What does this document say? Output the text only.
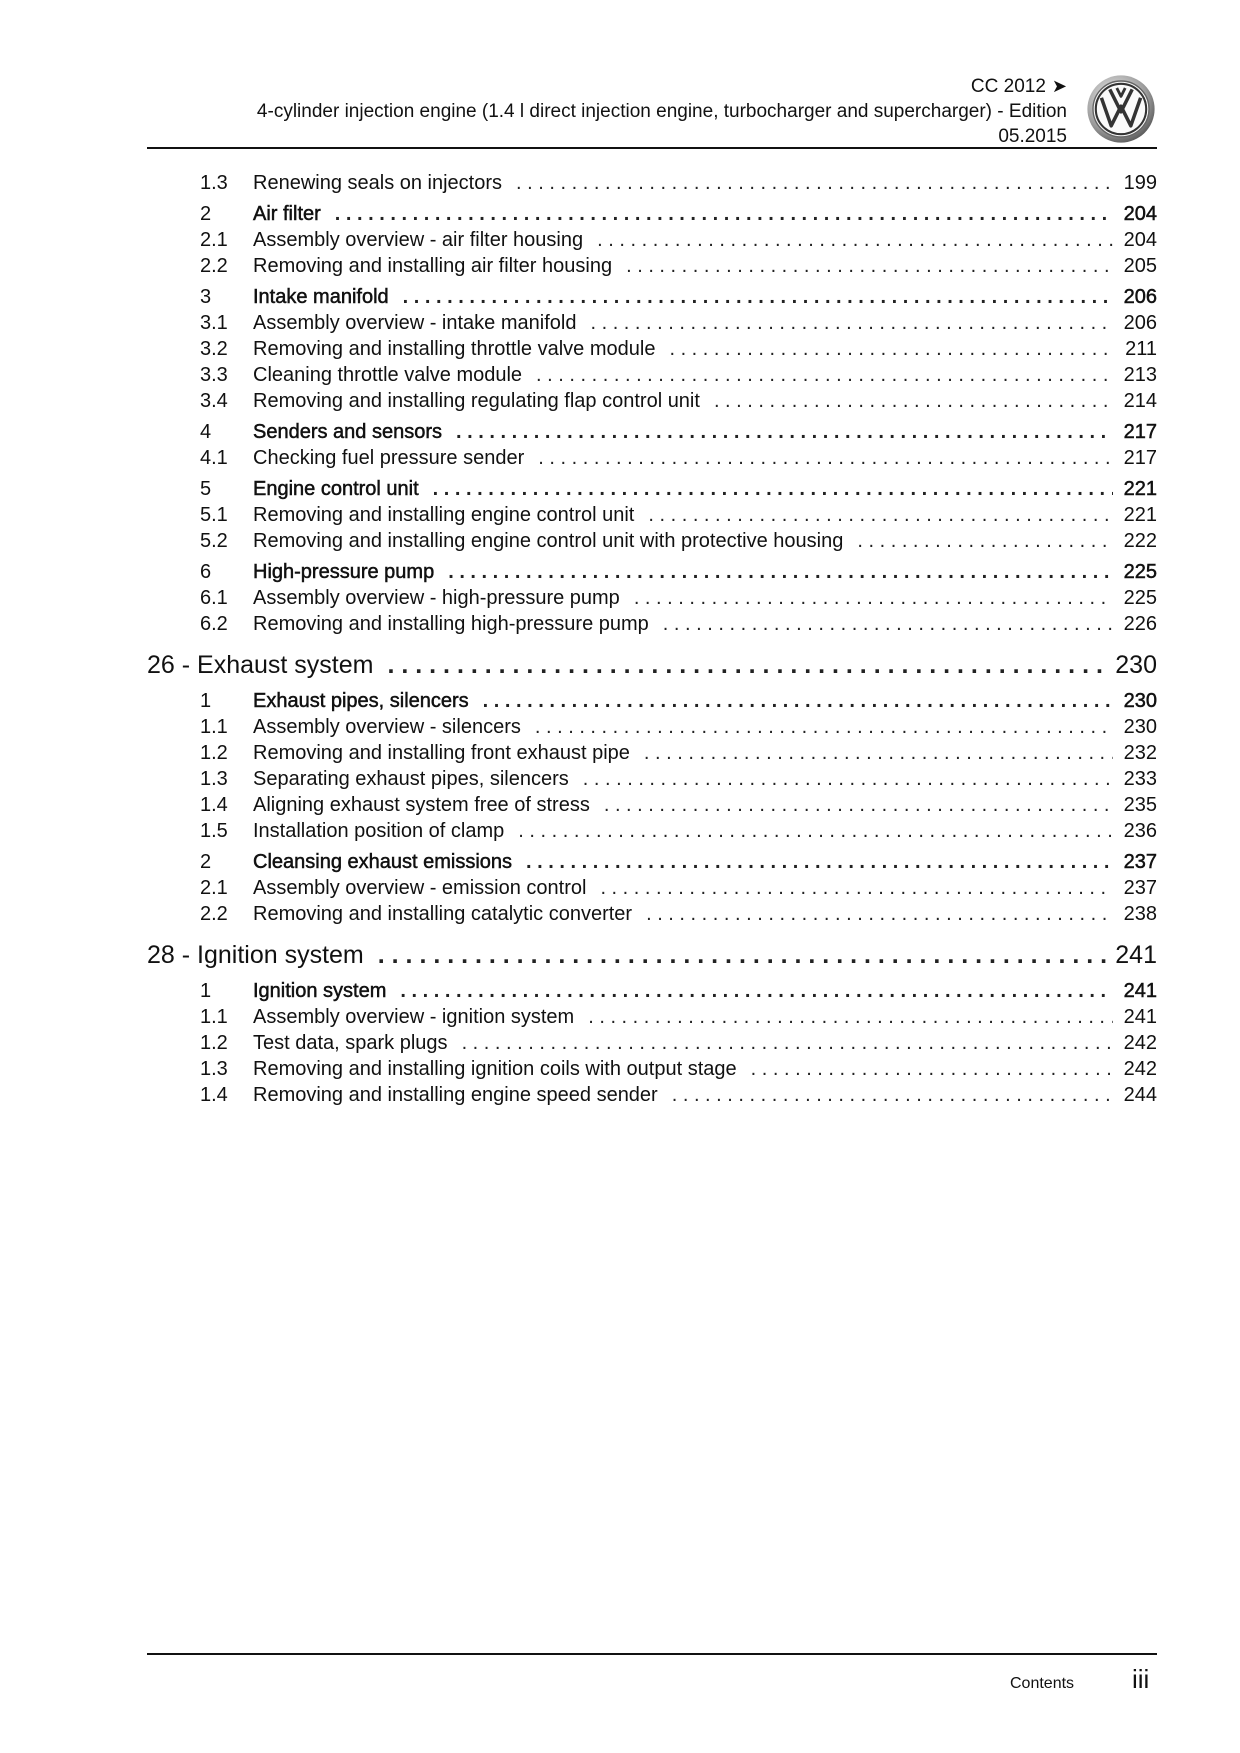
CC 2012 ➤
4-cylinder injection engine (1.4 l direct injection engine, turbocharger and supercharger) - Edition
05.2015
1.3	Renewing seals on injectors . . .	199
2	Air filter . . .	204
2.1	Assembly overview - air filter housing . . .	204
2.2	Removing and installing air filter housing . . .	205
3	Intake manifold . . .	206
3.1	Assembly overview - intake manifold . . .	206
3.2	Removing and installing throttle valve module . . .	211
3.3	Cleaning throttle valve module . . .	213
3.4	Removing and installing regulating flap control unit . . .	214
4	Senders and sensors . . .	217
4.1	Checking fuel pressure sender . . .	217
5	Engine control unit . . .	221
5.1	Removing and installing engine control unit . . .	221
5.2	Removing and installing engine control unit with protective housing . . .	222
6	High-pressure pump . . .	225
6.1	Assembly overview - high-pressure pump . . .	225
6.2	Removing and installing high-pressure pump . . .	226
26 - Exhaust system . . .	230
1	Exhaust pipes, silencers . . .	230
1.1	Assembly overview - silencers . . .	230
1.2	Removing and installing front exhaust pipe . . .	232
1.3	Separating exhaust pipes, silencers . . .	233
1.4	Aligning exhaust system free of stress . . .	235
1.5	Installation position of clamp . . .	236
2	Cleansing exhaust emissions . . .	237
2.1	Assembly overview - emission control . . .	237
2.2	Removing and installing catalytic converter . . .	238
28 - Ignition system . . .	241
1	Ignition system . . .	241
1.1	Assembly overview - ignition system . . .	241
1.2	Test data, spark plugs . . .	242
1.3	Removing and installing ignition coils with output stage . . .	242
1.4	Removing and installing engine speed sender . . .	244
Contents iii
